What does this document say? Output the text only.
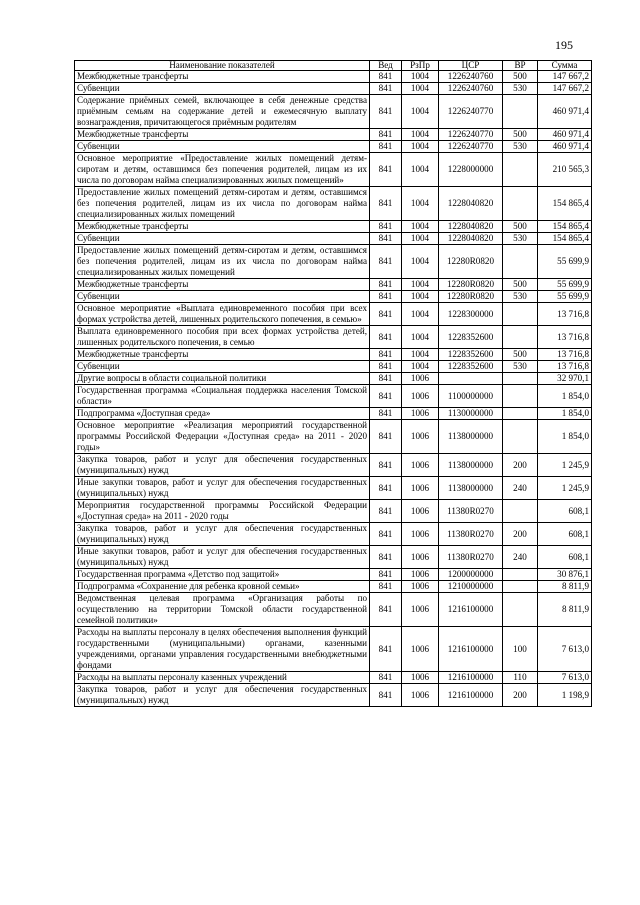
195
Наименование показателей	Вед	РзПр	ЦСР	ВР	Сумма
Межбюджетные трансферты	841	1004	1226240760	500	147 667,2
Субвенции	841	1004	1226240760	530	147 667,2
Содержание приёмных семей, включающее в себя денежные средства приёмным семьям на содержание детей и ежемесячную выплату вознаграждения, причитающегося приёмным родителям	841	1004	1226240770		460 971,4
Межбюджетные трансферты	841	1004	1226240770	500	460 971,4
Субвенции	841	1004	1226240770	530	460 971,4
Основное мероприятие «Предоставление жилых помещений детям-сиротам и детям, оставшимся без попечения родителей, лицам из их числа по договорам найма специализированных жилых помещений»	841	1004	1228000000		210 565,3
Предоставление жилых помещений детям-сиротам и детям, оставшимся без попечения родителей, лицам из их числа по договорам найма специализированных жилых помещений	841	1004	1228040820		154 865,4
Межбюджетные трансферты	841	1004	1228040820	500	154 865,4
Субвенции	841	1004	1228040820	530	154 865,4
Предоставление жилых помещений детям-сиротам и детям, оставшимся без попечения родителей, лицам из их числа по договорам найма специализированных жилых помещений	841	1004	12280R0820		55 699,9
Межбюджетные трансферты	841	1004	12280R0820	500	55 699,9
Субвенции	841	1004	12280R0820	530	55 699,9
Основное мероприятие «Выплата единовременного пособия при всех формах устройства детей, лишенных родительского попечения, в семью»	841	1004	1228300000		13 716,8
Выплата единовременного пособия при всех формах устройства детей, лишенных родительского попечения, в семью	841	1004	1228352600		13 716,8
Межбюджетные трансферты	841	1004	1228352600	500	13 716,8
Субвенции	841	1004	1228352600	530	13 716,8
Другие вопросы в области социальной политики	841	1006			32 970,1
Государственная программа «Социальная поддержка населения Томской области»	841	1006	1100000000		1 854,0
Подпрограмма «Доступная среда»	841	1006	1130000000		1 854,0
Основное мероприятие «Реализация мероприятий государственной программы Российской Федерации «Доступная среда» на 2011 - 2020 годы»	841	1006	1138000000		1 854,0
Закупка товаров, работ и услуг для обеспечения государственных (муниципальных) нужд	841	1006	1138000000	200	1 245,9
Иные закупки товаров, работ и услуг для обеспечения государственных (муниципальных) нужд	841	1006	1138000000	240	1 245,9
Мероприятия государственной программы Российской Федерации «Доступная среда» на 2011 - 2020 годы	841	1006	11380R0270		608,1
Закупка товаров, работ и услуг для обеспечения государственных (муниципальных) нужд	841	1006	11380R0270	200	608,1
Иные закупки товаров, работ и услуг для обеспечения государственных (муниципальных) нужд	841	1006	11380R0270	240	608,1
Государственная программа «Детство под защитой»	841	1006	1200000000		30 876,1
Подпрограмма «Сохранение для ребенка кровной семьи»	841	1006	1210000000		8 811,9
Ведомственная целевая программа «Организация работы по осуществлению на территории Томской области государственной семейной политики»	841	1006	1216100000		8 811,9
Расходы на выплаты персоналу в целях обеспечения выполнения функций государственными (муниципальными) органами, казенными учреждениями, органами управления государственными внебюджетными фондами	841	1006	1216100000	100	7 613,0
Расходы на выплаты персоналу казенных учреждений	841	1006	1216100000	110	7 613,0
Закупка товаров, работ и услуг для обеспечения государственных (муниципальных) нужд	841	1006	1216100000	200	1 198,9
